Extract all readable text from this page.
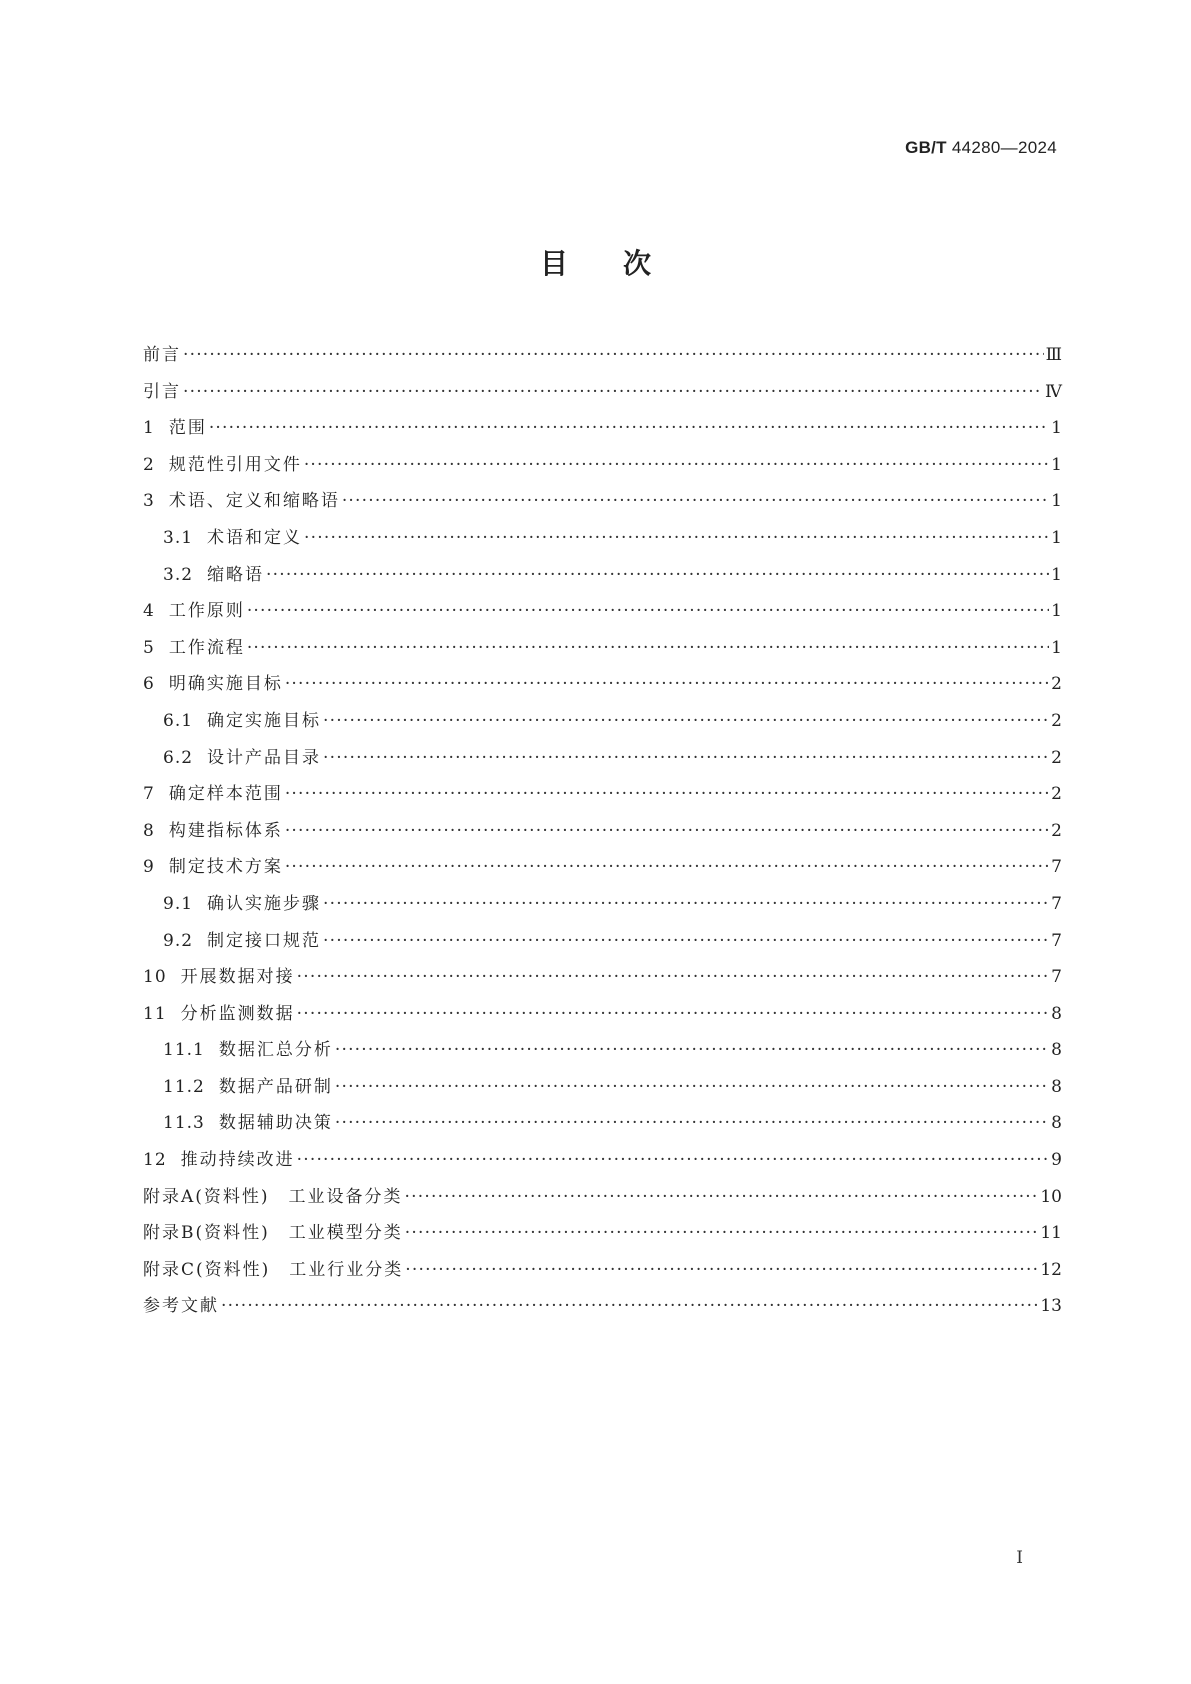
GB/T 44280—2024
目次
前言 ·····	Ⅲ
引言 ·····	Ⅳ
1 范围 ·····	1
2 规范性引用文件 ·····	1
3 术语、定义和缩略语 ·····	1
3.1 术语和定义 ·····	1
3.2 缩略语 ·····	1
4 工作原则 ·····	1
5 工作流程 ·····	1
6 明确实施目标 ·····	2
6.1 确定实施目标 ·····	2
6.2 设计产品目录 ·····	2
7 确定样本范围 ·····	2
8 构建指标体系 ·····	2
9 制定技术方案 ·····	7
9.1 确认实施步骤 ·····	7
9.2 制定接口规范 ·····	7
10 开展数据对接 ·····	7
11 分析监测数据 ·····	8
11.1 数据汇总分析 ·····	8
11.2 数据产品研制 ·····	8
11.3 数据辅助决策 ·····	8
12 推动持续改进 ·····	9
附录A(资料性)　工业设备分类 ·····	10
附录B(资料性)　工业模型分类 ·····	11
附录C(资料性)　工业行业分类 ·····	12
参考文献 ·····	13
Ⅰ
